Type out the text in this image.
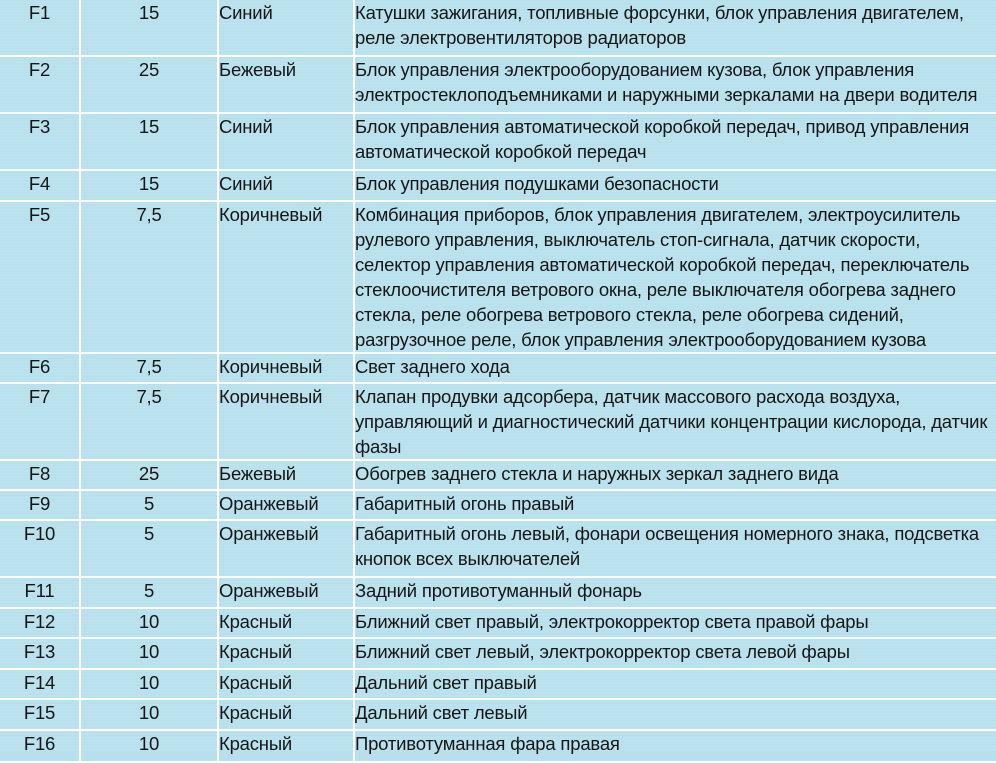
F1	15	Синий	Катушки зажигания, топливные форсунки, блок управления двигателем, реле электровентиляторов радиаторов
F2	25	Бежевый	Блок управления электрооборудованием кузова, блок управления электростеклоподъемниками и наружными зеркалами на двери водителя
F3	15	Синий	Блок управления автоматической коробкой передач, привод управления автоматической коробкой передач
F4	15	Синий	Блок управления подушками безопасности
F5	7,5	Коричневый	Комбинация приборов, блок управления двигателем, электроусилитель рулевого управления, выключатель стоп-сигнала, датчик скорости, селектор управления автоматической коробкой передач, переключатель стеклоочистителя ветрового окна, реле выключателя обогрева заднего стекла, реле обогрева ветрового стекла, реле обогрева сидений, разгрузочное реле, блок управления электрооборудованием кузова
F6	7,5	Коричневый	Свет заднего хода
F7	7,5	Коричневый	Клапан продувки адсорбера, датчик массового расхода воздуха, управляющий и диагностический датчики концентрации кислорода, датчик фазы
F8	25	Бежевый	Обогрев заднего стекла и наружных зеркал заднего вида
F9	5	Оранжевый	Габаритный огонь правый
F10	5	Оранжевый	Габаритный огонь левый, фонари освещения номерного знака, подсветка кнопок всех выключателей
F11	5	Оранжевый	Задний противотуманный фонарь
F12	10	Красный	Ближний свет правый, электрокорректор света правой фары
F13	10	Красный	Ближний свет левый, электрокорректор света левой фары
F14	10	Красный	Дальний свет правый
F15	10	Красный	Дальний свет левый
F16	10	Красный	Противотуманная фара правая
